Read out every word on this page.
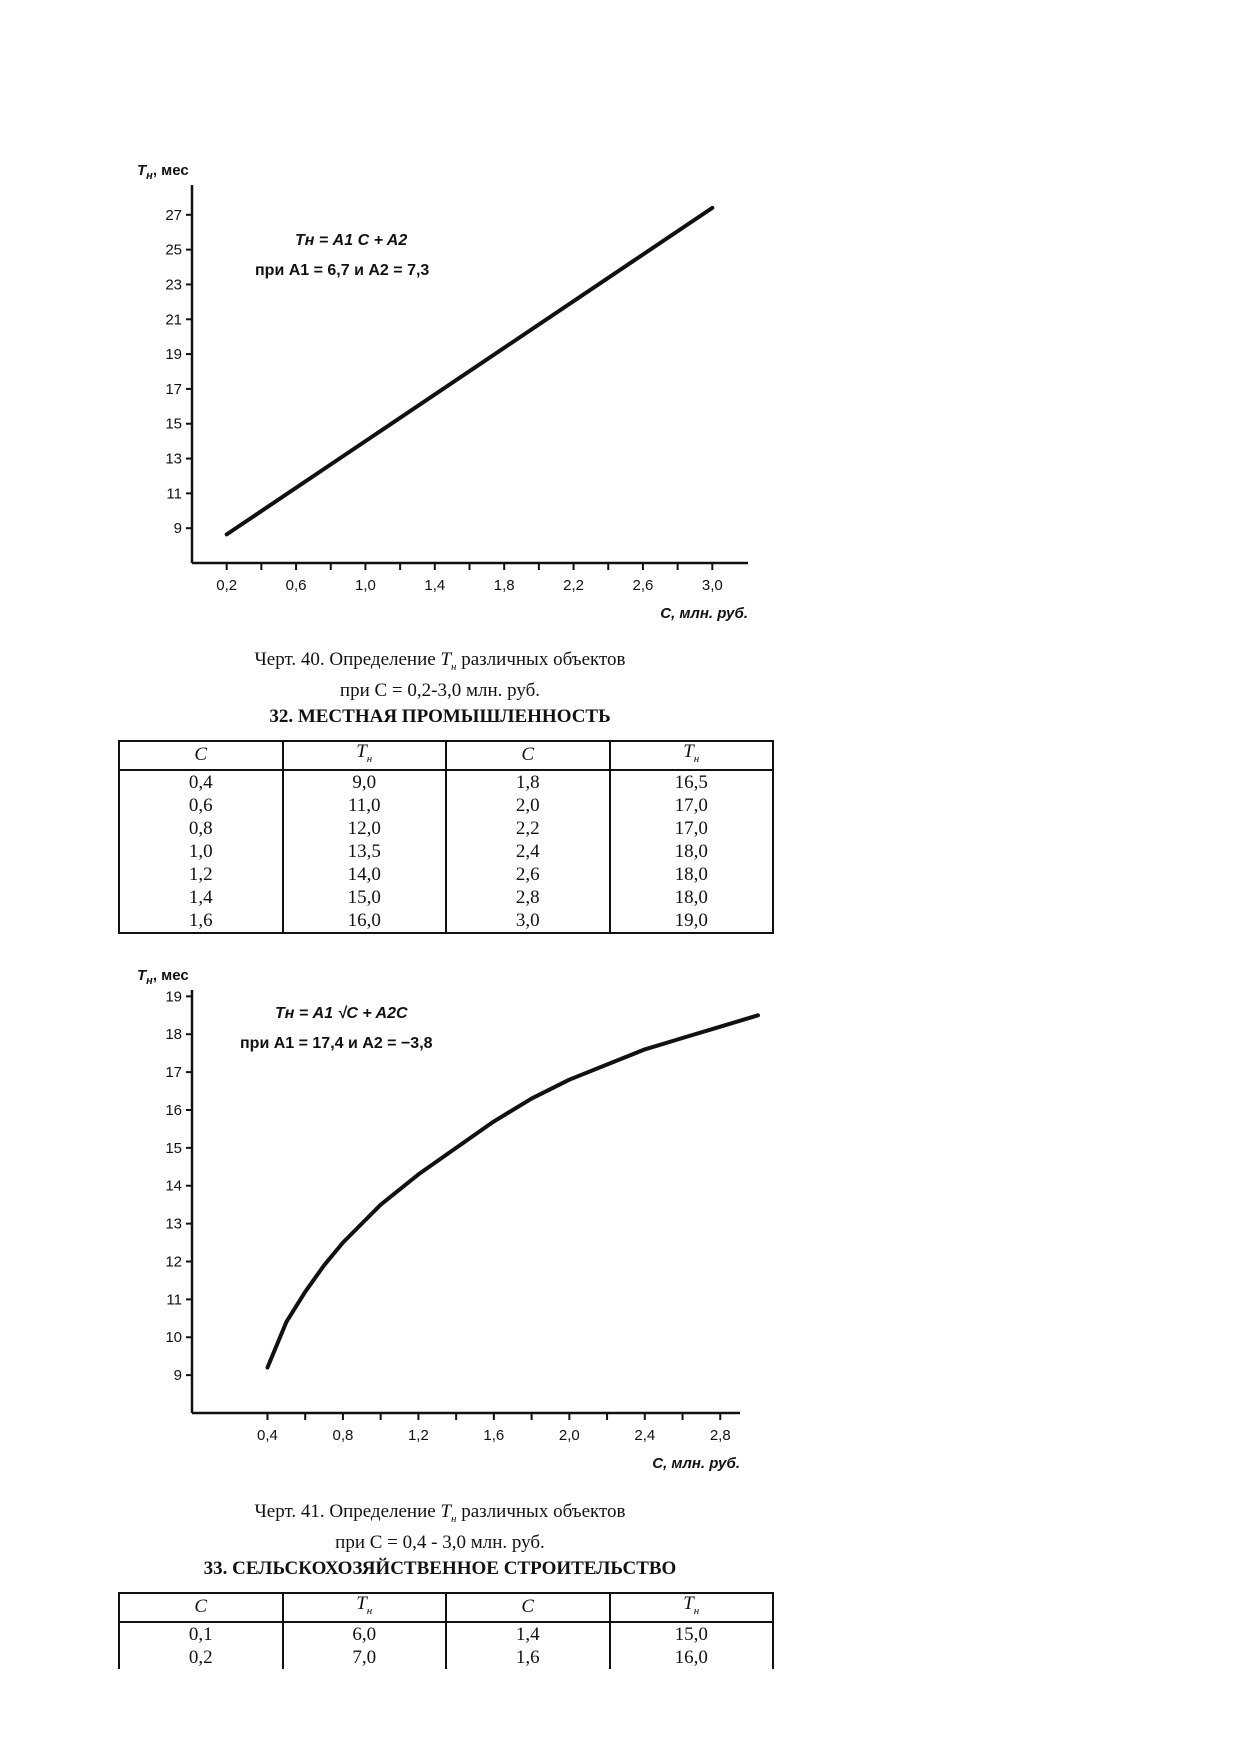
9
11
13
15
17
19
21
23
25
27
0,2	0,6	1,0	1,4	1,8	2,2	2,6	3,0
$T_н$, мес
C, млн. руб.
Tн = A1 C + A2
при A1 = 6,7 и A2 = 7,3
Черт. 40. Определение $T_н$ различных объектов
при С = 0,2-3,0 млн. руб.
32. МЕСТНАЯ ПРОМЫШЛЕННОСТЬ
C	$T_н$	C	$T_н$
0,4	9,0	1,8	16,5
0,6	11,0	2,0	17,0
0,8	12,0	2,2	17,0
1,0	13,5	2,4	18,0
1,2	14,0	2,6	18,0
1,4	15,0	2,8	18,0
1,6	16,0	3,0	19,0
9
10
11
12
13
14
15
16
17
18
19
0,4	0,8	1,2	1,6	2,0	2,4	2,8
$T_н$, мес
C, млн. руб.
Tн = A1 √C + A2C
при A1 = 17,4 и A2 = −3,8
Черт. 41. Определение $T_н$ различных объектов
при С = 0,4 - 3,0 млн. руб.
33. СЕЛЬСКОХОЗЯЙСТВЕННОЕ СТРОИТЕЛЬСТВО
C	$T_н$	C	$T_н$
0,1	6,0	1,4	15,0
0,2	7,0	1,6	16,0
